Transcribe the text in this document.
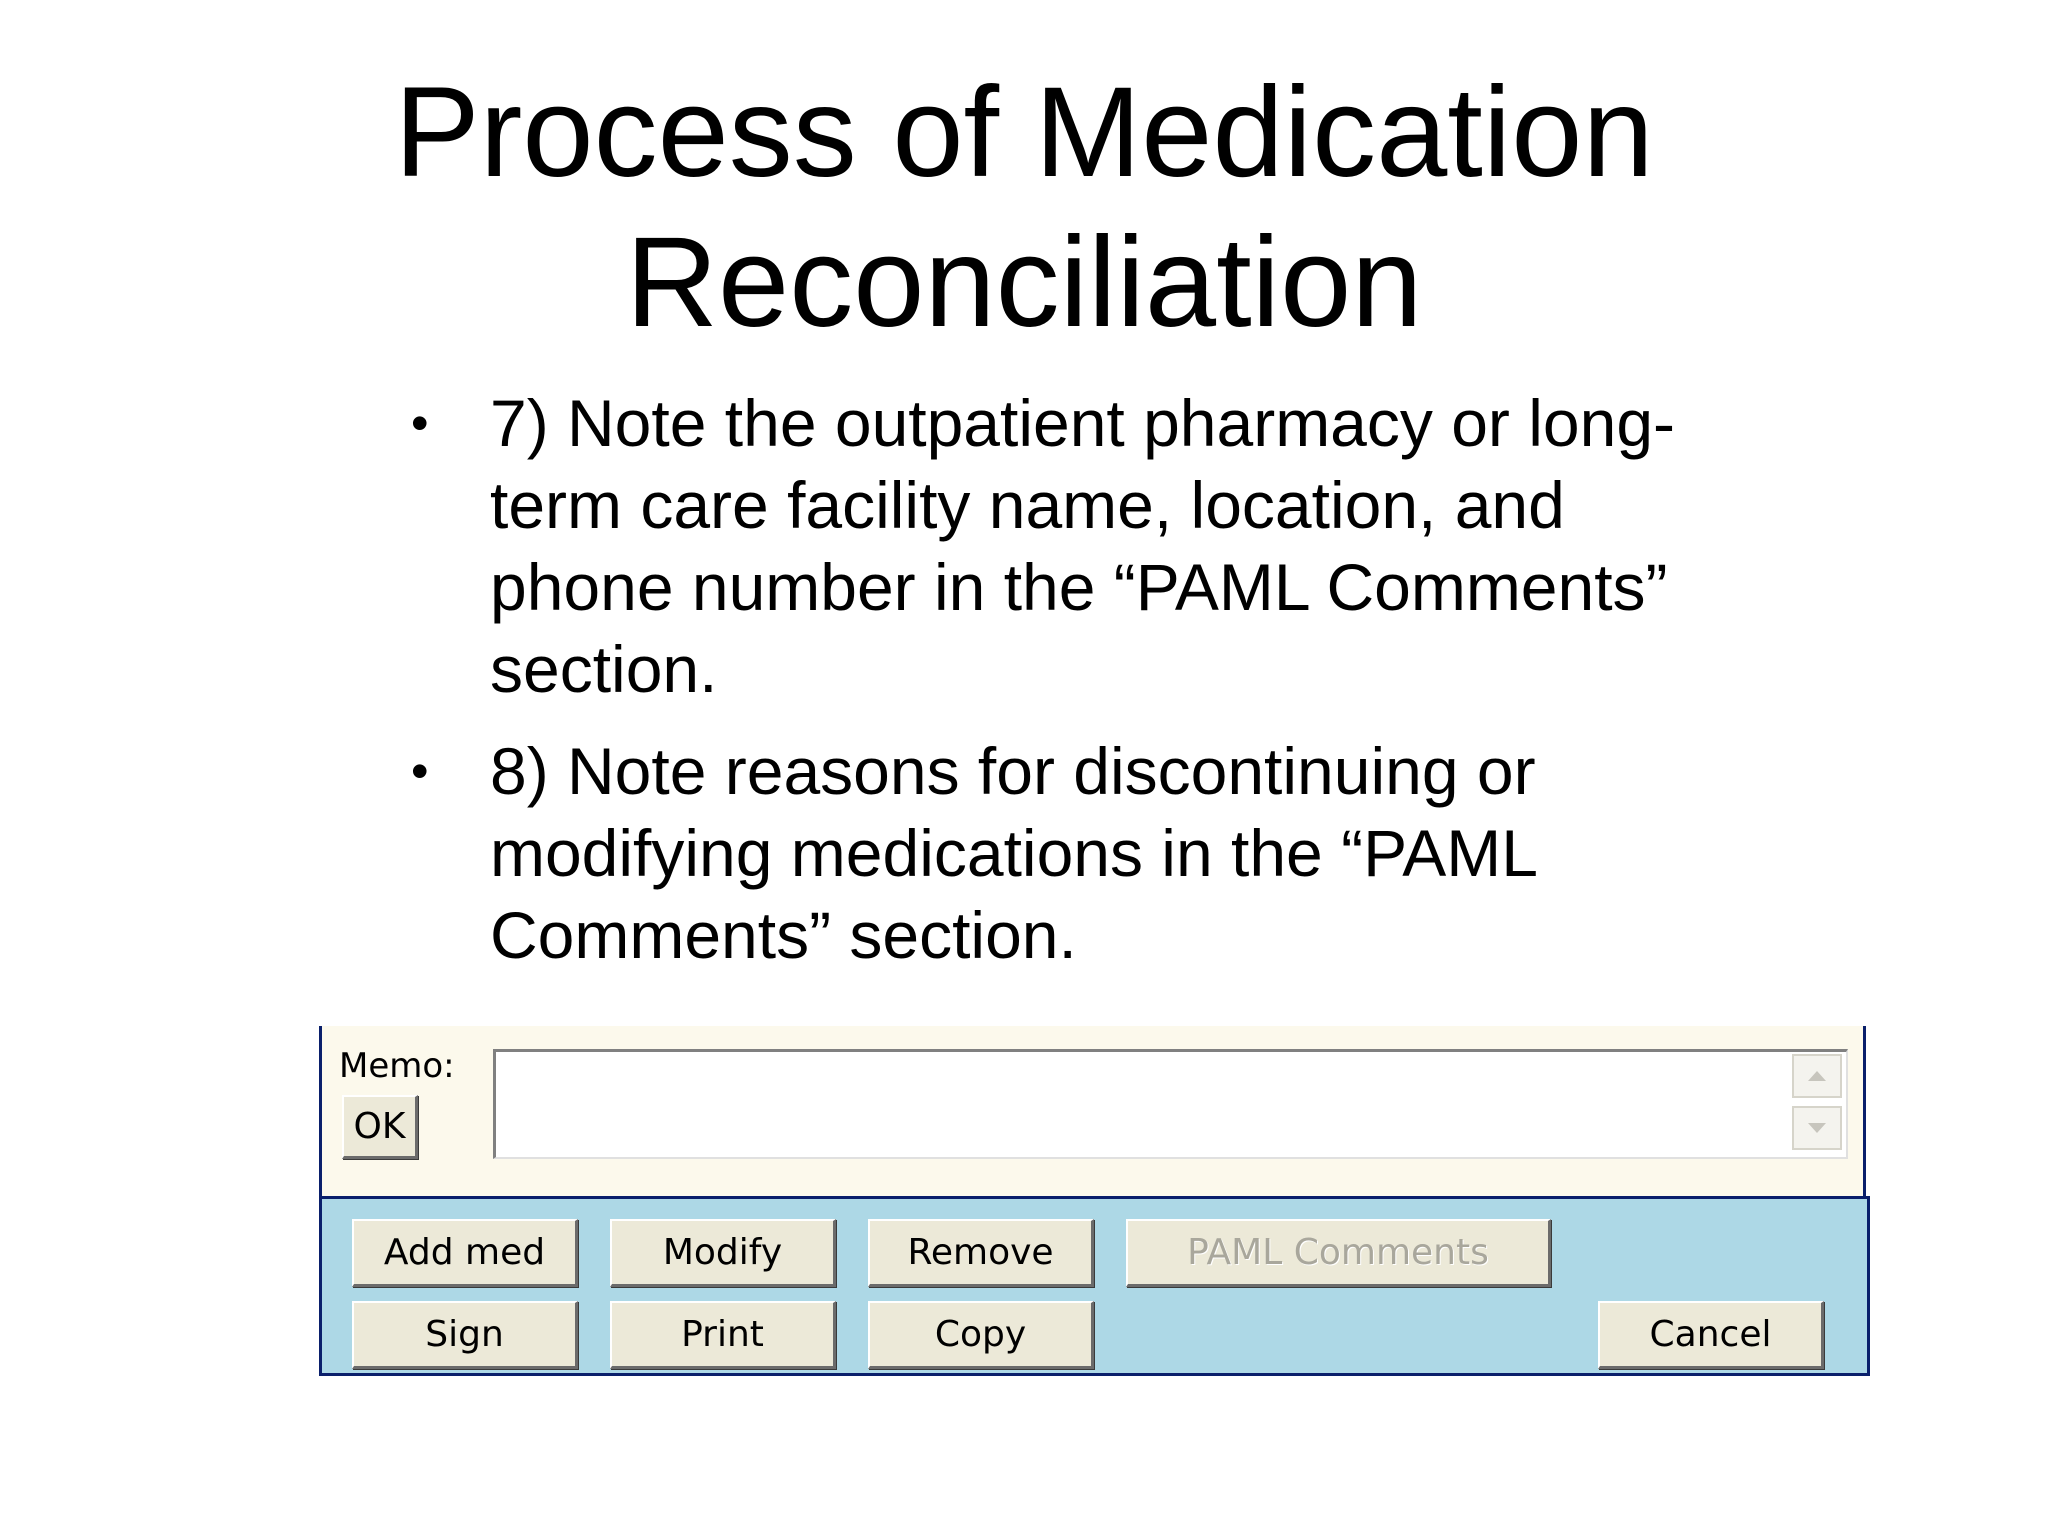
Process of Medication
Reconciliation
• 7) Note the outpatient pharmacy or long-term care facility name, location, and phone number in the “PAML Comments” section.
• 8) Note reasons for discontinuing or modifying medications in the “PAML Comments” section.
Memo:
OK
Add med	Modify	Remove	PAML Comments
Sign	Print	Copy	Cancel
